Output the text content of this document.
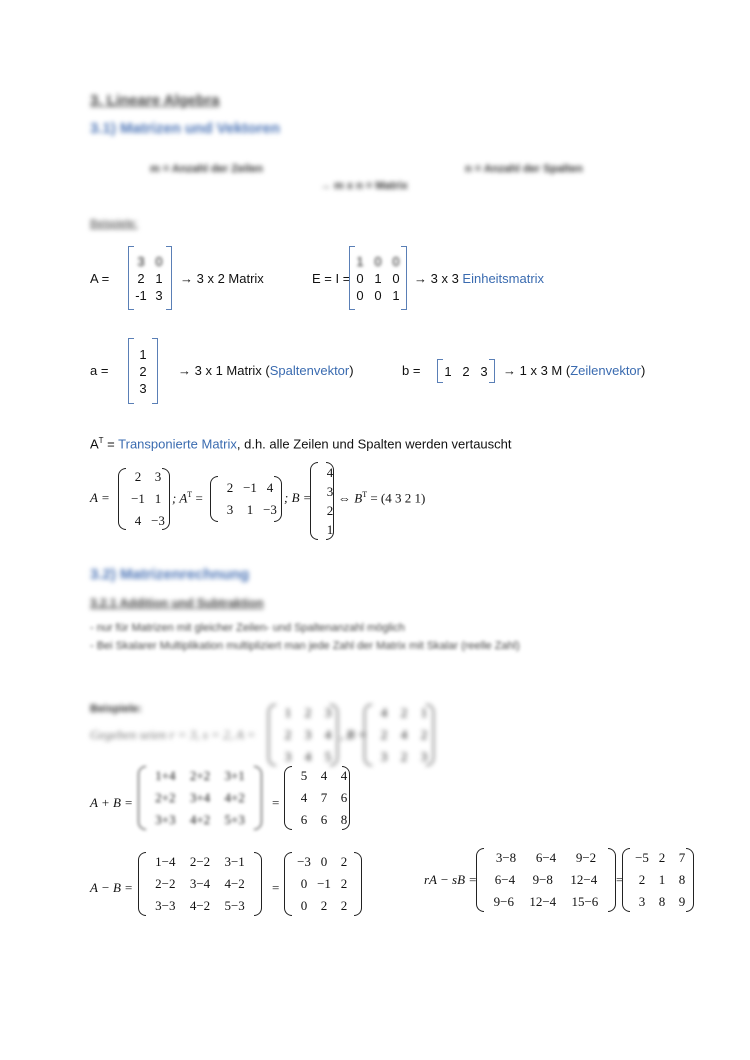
3. Lineare Algebra
3.1) Matrizen und Vektoren
m = Anzahl der Zeilen	n = Anzahl der Spalten
→ m x n = Matrix
Beispiele:
A =
3 0
2 1
-1 3
→ 3 x 2 Matrix	E = I =
1 0 0
0 1 0
0 0 1
→ 3 x 3 Einheitsmatrix
a =
1
2
3
→ 3 x 1 Matrix (Spaltenvektor)	b = 1 2 3 → 1 x 3 M (Zeilenvektor)
$A^T$ = Transponierte Matrix, d.h. alle Zeilen und Spalten werden vertauscht
A =
2	3
−1 1
4 −3
; $A^T$ =
2 −1 4
3	1 −3
; B =
4
3
2
1
⇔ $B^T = (4$ 3 2 1)
3.2) Matrizenrechnung
3.2.1 Addition und Subtraktion
- nur für Matrizen mit gleicher Zeilen- und Spaltenanzahl möglich
- Bei Skalarer Multiplikation multipliziert man jede Zahl der Matrix mit Skalar (reelle Zahl)
Beispiele:
Gegeben seien r = 3, s = 2, A =
1	2	3
2	3	4
3	4	5
, B =
4	2	1
2	4	2
3	2	3
A + B =
1+4 2+2 3+1
2+2 3+4 4+2
3+3 4+2 5+3
=
5	4	4
4	7	6
6	6	8
A − B =
1−4 2−2 3−1
2−2 3−4 4−2
3−3 4−2 5−3
=
−3 0	2
0 −1 2
0	2	2
rA − sB =
3−8 6−4 9−2
6−4 9−8 12−4
9−6 12−4 15−6
=
−5 2	7
2	1	8
3	8	9
